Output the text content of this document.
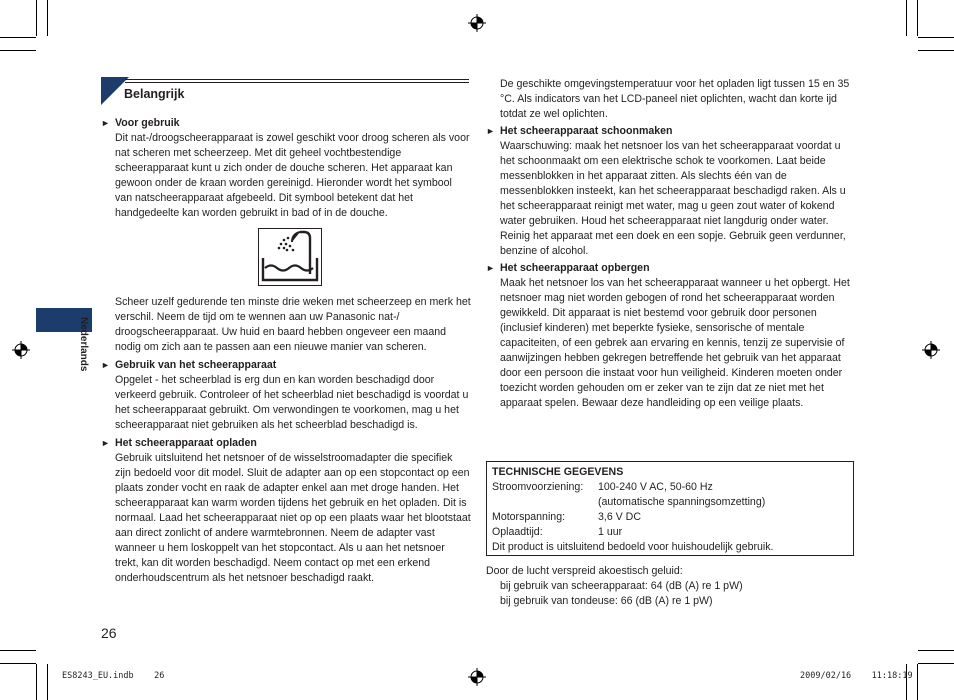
Nederlands
Belangrijk

► Voor gebruik

Dit nat-/droogscheerapparaat is zowel geschikt voor droog scheren als voor nat scheren met scheerzeep. Met dit geheel vochtbestendige scheerapparaat kunt u zich onder de douche scheren. Het apparaat kan gewoon onder de kraan worden gereinigd. Hieronder wordt het symbool van natscheerapparaat afgebeeld. Dit symbool betekent dat het handgedeelte kan worden gebruikt in bad of in de douche.

Scheer uzelf gedurende ten minste drie weken met scheerzeep en merk het verschil. Neem de tijd om te wennen aan uw Panasonic nat-/ droogscheerapparaat. Uw huid en baard hebben ongeveer een maand nodig om zich aan te passen aan een nieuwe manier van scheren.

► Gebruik van het scheerapparaat

Opgelet - het scheerblad is erg dun en kan worden beschadigd door verkeerd gebruik. Controleer of het scheerblad niet beschadigd is voordat u het scheerapparaat gebruikt. Om verwondingen te voorkomen, mag u het scheerapparaat niet gebruiken als het scheerblad beschadigd is.

► Het scheerapparaat opladen

Gebruik uitsluitend het netsnoer of de wisselstroomadapter die specifiek zijn bedoeld voor dit model. Sluit de adapter aan op een stopcontact op een plaats zonder vocht en raak de adapter enkel aan met droge handen. Het scheerapparaat kan warm worden tijdens het gebruik en het opladen. Dit is normaal. Laad het scheerapparaat niet op op een plaats waar het blootstaat aan direct zonlicht of andere warmtebronnen. Neem de adapter vast wanneer u hem loskoppelt van het stopcontact. Als u aan het netsnoer trekt, kan dit worden beschadigd. Neem contact op met een erkend onderhoudscentrum als het netsnoer beschadigd raakt.

De geschikte omgevingstemperatuur voor het opladen ligt tussen 15 en 35 °C. Als indicators van het LCD-paneel niet oplichten, wacht dan korte ijd totdat ze wel oplichten.

► Het scheerapparaat schoonmaken

Waarschuwing: maak het netsnoer los van het scheerapparaat voordat u het schoonmaakt om een elektrische schok te voorkomen. Laat beide messenblokken in het apparaat zitten. Als slechts één van de messenblokken insteekt, kan het scheerapparaat beschadigd raken. Als u het scheerapparaat reinigt met water, mag u geen zout water of kokend water gebruiken. Houd het scheerapparaat niet langdurig onder water. Reinig het apparaat met een doek en een sopje. Gebruik geen verdunner, benzine of alcohol.

► Het scheerapparaat opbergen

Maak het netsnoer los van het scheerapparaat wanneer u het opbergt. Het netsnoer mag niet worden gebogen of rond het scheerapparaat worden gewikkeld. Dit apparaat is niet bestemd voor gebruik door personen (inclusief kinderen) met beperkte fysieke, sensorische of mentale capaciteiten, of een gebrek aan ervaring en kennis, tenzij ze supervisie of aanwijzingen hebben gekregen betreffende het gebruik van het apparaat door een persoon die instaat voor hun veiligheid. Kinderen moeten onder toezicht worden gehouden om er zeker van te zijn dat ze niet met het apparaat spelen. Bewaar deze handleiding op een veilige plaats.

TECHNISCHE GEGEVENS
Stroomvoorziening: 100-240 V AC, 50-60 Hz
(automatische spanningsomzetting)
Motorspanning:	3,6 V DC
Oplaadtijd:	1 uur
Dit product is uitsluitend bedoeld voor huishoudelijk gebruik.

Door de lucht verspreid akoestisch geluid:

bij gebruik van scheerapparaat: 64 (dB (A) re 1 pW)

bij gebruik van tondeuse: 66 (dB (A) re 1 pW)

26
ES8243_EU.indb 26	2009/02/16 11:18:19
